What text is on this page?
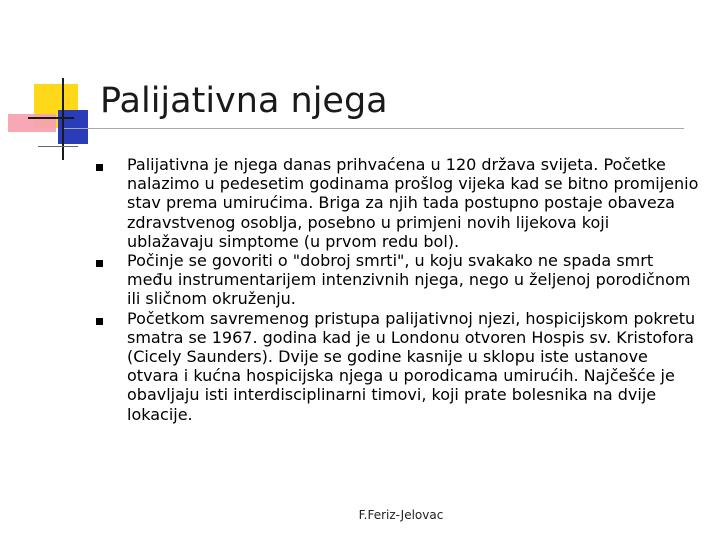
Palijativna njega
Palijativna je njega danas prihvaćena u 120 država svijeta. Početke nalazimo u pedesetim godinama prošlog vijeka kad se bitno promijenio stav prema umirućima. Briga za njih tada postupno postaje obaveza zdravstvenog osoblja, posebno u primjeni novih lijekova koji ublažavaju simptome (u prvom redu bol).
Počinje se govoriti o "dobroj smrti", u koju svakako ne spada smrt među instrumentarijem intenzivnih njega, nego u željenoj porodičnom ili sličnom okruženju.
Početkom savremenog pristupa palijativnoj njezi, hospicijskom pokretu smatra se 1967. godina kad je u Londonu otvoren Hospis sv. Kristofora (Cicely Saunders). Dvije se godine kasnije u sklopu iste ustanove otvara i kućna hospicijska njega u porodicama umirućih. Najčešće je obavljaju isti interdisciplinarni timovi, koji prate bolesnika na dvije lokacije.
F.Feriz-Jelovac
